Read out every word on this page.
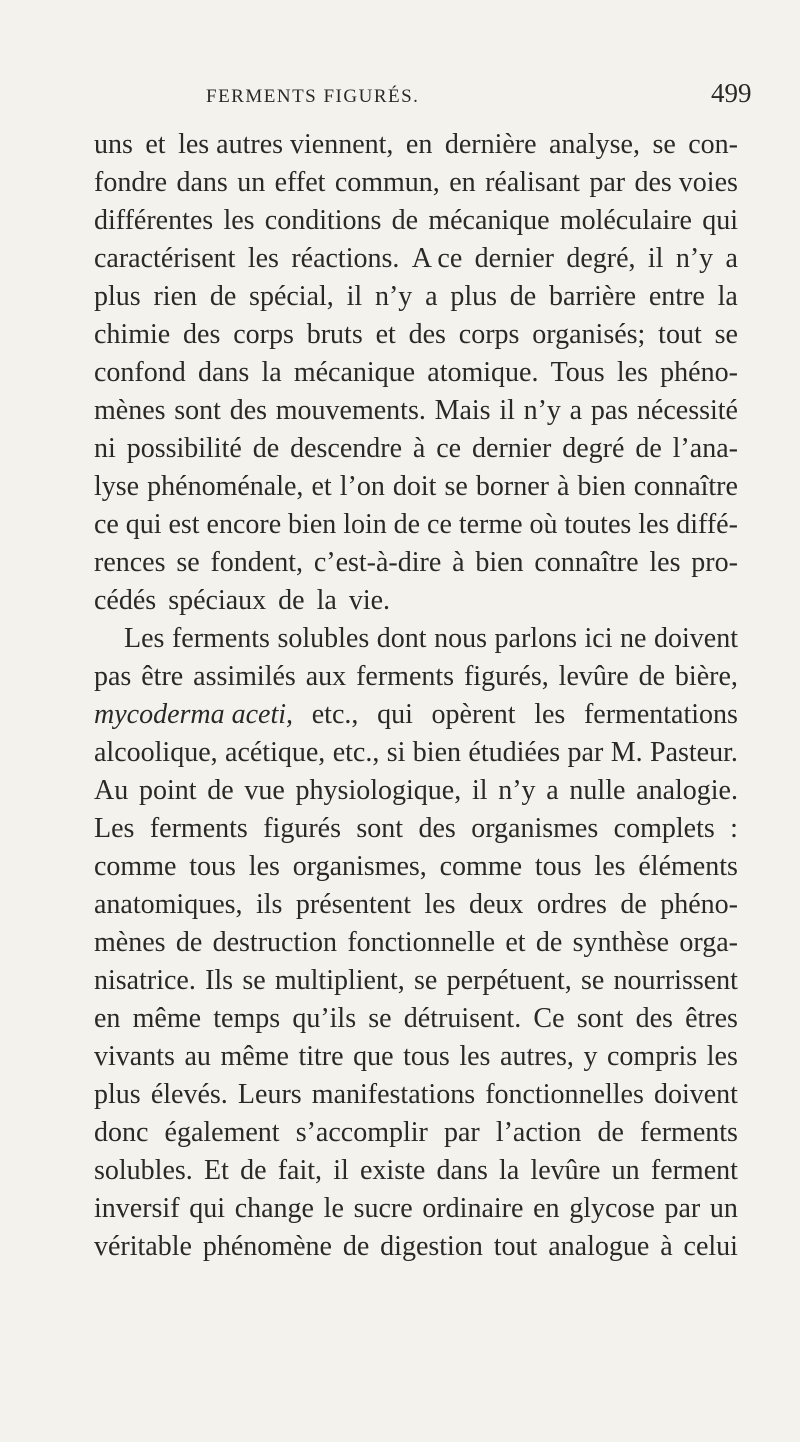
FERMENTS FIGURÉS.	499
uns et les autres viennent, en dernière analyse, se con-
fondre dans un effet commun, en réalisant par des voies
différentes les conditions de mécanique moléculaire qui
caractérisent les réactions. A ce dernier degré, il n’y a
plus rien de spécial, il n’y a plus de barrière entre la
chimie des corps bruts et des corps organisés; tout se
confond dans la mécanique atomique. Tous les phéno-
mènes sont des mouvements. Mais il n’y a pas nécessité
ni possibilité de descendre à ce dernier degré de l’ana-
lyse phénoménale, et l’on doit se borner à bien connaître
ce qui est encore bien loin de ce terme où toutes les diffé-
rences se fondent, c’est-à-dire à bien connaître les pro-
cédés spéciaux de la vie.
Les ferments solubles dont nous parlons ici ne doivent
pas être assimilés aux ferments figurés, levûre de bière,
mycoderma aceti, etc., qui opèrent les fermentations
alcoolique, acétique, etc., si bien étudiées par M. Pasteur.
Au point de vue physiologique, il n’y a nulle analogie.
Les ferments figurés sont des organismes complets :
comme tous les organismes, comme tous les éléments
anatomiques, ils présentent les deux ordres de phéno-
mènes de destruction fonctionnelle et de synthèse orga-
nisatrice. Ils se multiplient, se perpétuent, se nourrissent
en même temps qu’ils se détruisent. Ce sont des êtres
vivants au même titre que tous les autres, y compris les
plus élevés. Leurs manifestations fonctionnelles doivent
donc également s’accomplir par l’action de ferments
solubles. Et de fait, il existe dans la levûre un ferment
inversif qui change le sucre ordinaire en glycose par un
véritable phénomène de digestion tout analogue à celui
